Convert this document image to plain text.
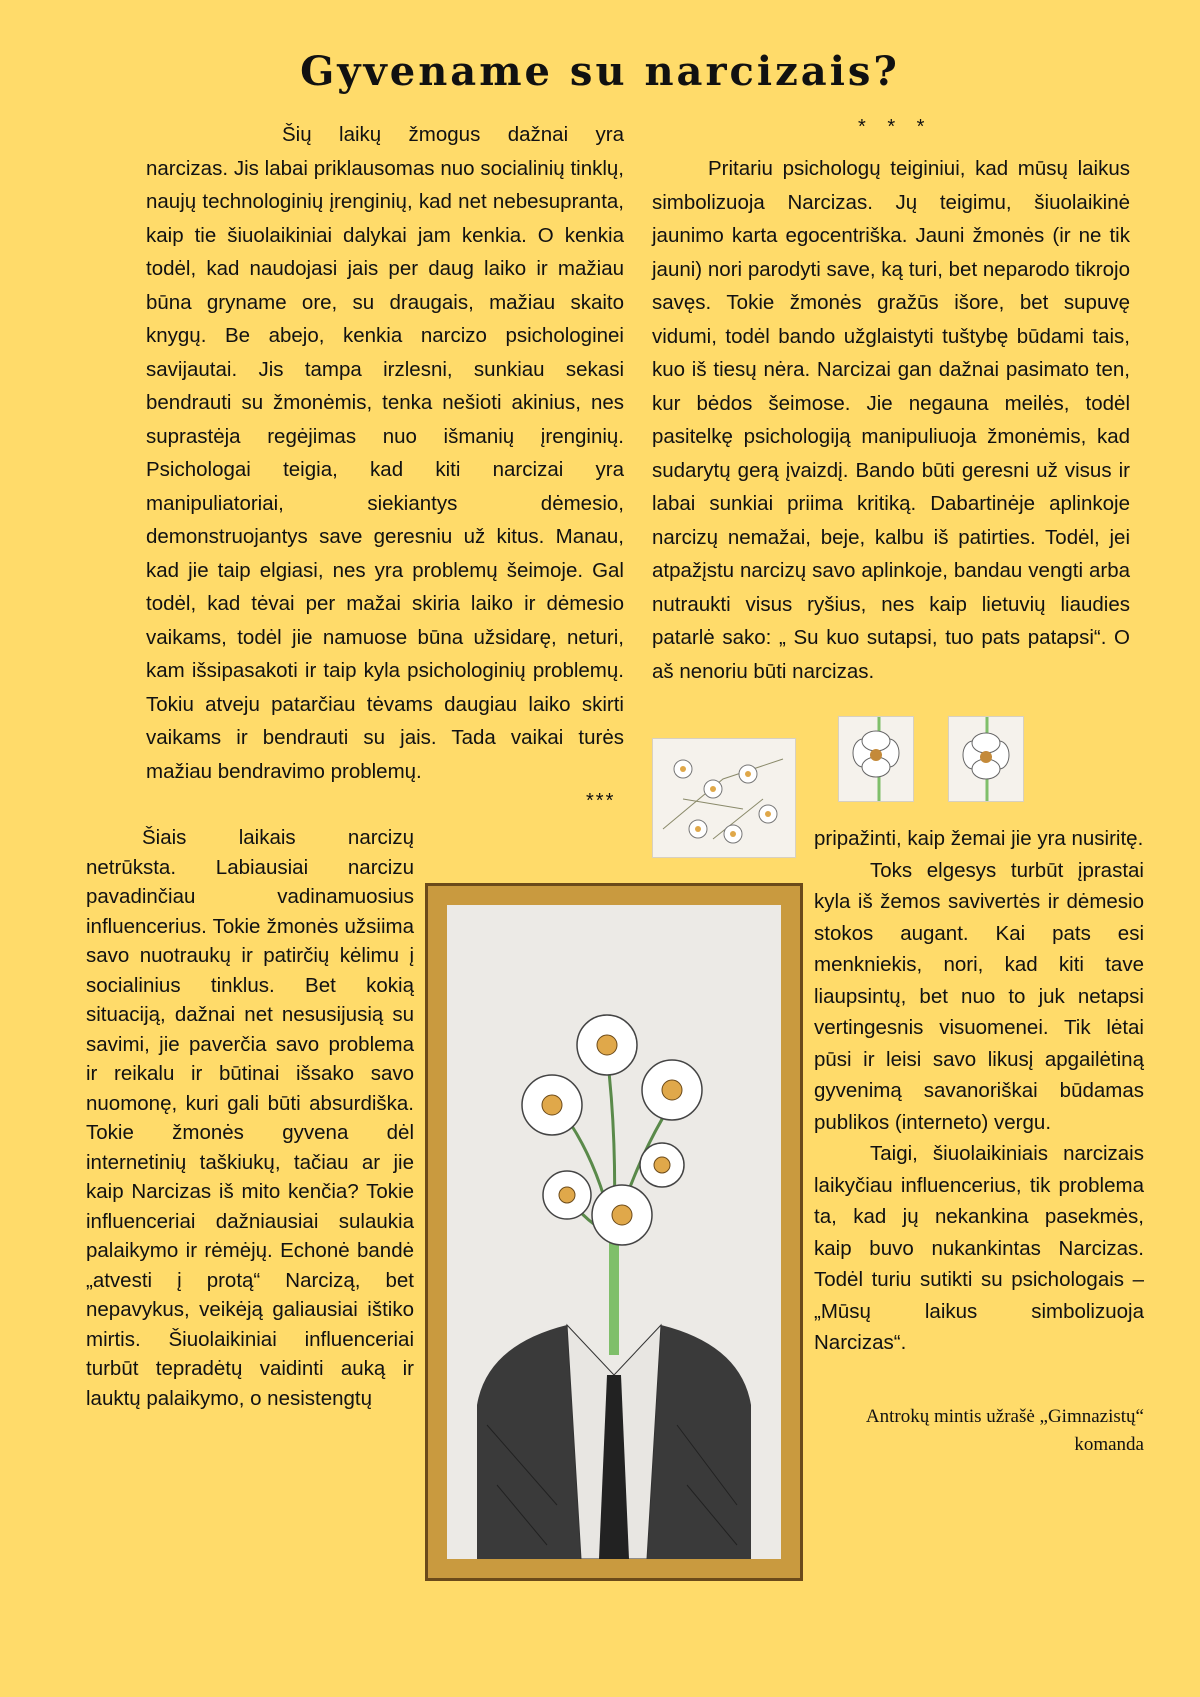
Gyvename su narcizais?

Šių laikų žmogus dažnai yra narcizas. Jis labai priklausomas nuo socialinių tinklų, naujų technologinių įrenginių, kad net nebesupranta, kaip tie šiuolaikiniai dalykai jam kenkia. O kenkia todėl, kad naudojasi jais per daug laiko ir mažiau būna gryname ore, su draugais, mažiau skaito knygų. Be abejo, kenkia narcizo psichologinei savijautai. Jis tampa irzlesni, sunkiau sekasi bendrauti su žmonėmis, tenka nešioti akinius, nes suprastėja regėjimas nuo išmanių įrenginių. Psichologai teigia, kad kiti narcizai yra manipuliatoriai, siekiantys dėmesio, demonstruojantys save geresniu už kitus. Manau, kad jie taip elgiasi, nes yra problemų šeimoje. Gal todėl, kad tėvai per mažai skiria laiko ir dėmesio vaikams, todėl jie namuose būna užsidarę, neturi, kam išsipasakoti ir taip kyla psichologinių problemų. Tokiu atveju patarčiau tėvams daugiau laiko skirti vaikams ir bendrauti su jais. Tada vaikai turės mažiau bendravimo problemų.

* * *

Pritariu psichologų teiginiui, kad mūsų laikus simbolizuoja Narcizas. Jų teigimu, šiuolaikinė jaunimo karta egocentriška. Jauni žmonės (ir ne tik jauni) nori parodyti save, ką turi, bet neparodo tikrojo savęs. Tokie žmonės gražūs išore, bet supuvę vidumi, todėl bando užglaistyti tuštybę būdami tais, kuo iš tiesų nėra. Narcizai gan dažnai pasimato ten, kur bėdos šeimose. Jie negauna meilės, todėl pasitelkę psichologiją manipuliuoja žmonėmis, kad sudarytų gerą įvaizdį. Bando būti geresni už visus ir labai sunkiai priima kritiką. Dabartinėje aplinkoje narcizų nemažai, beje, kalbu iš patirties. Todėl, jei atpažįstu narcizų savo aplinkoje, bandau vengti arba nutraukti visus ryšius, nes kaip lietuvių liaudies patarlė sako: „ Su kuo sutapsi, tuo pats patapsi“. O aš nenoriu būti narcizas.

***

Šiais laikais narcizų netrūksta. Labiausiai narcizu pavadinčiau vadinamuosius influencerius. Tokie žmonės užsiima savo nuotraukų ir patirčių kėlimu į socialinius tinklus. Bet kokią situaciją, dažnai net nesusijusią su savimi, jie paverčia savo problema ir reikalu ir būtinai išsako savo nuomonę, kuri gali būti absurdiška. Tokie žmonės gyvena dėl internetinių taškiukų, tačiau ar jie kaip Narcizas iš mito kenčia? Tokie influenceriai dažniausiai sulaukia palaikymo ir rėmėjų. Echonė bandė „atvesti į protą“ Narcizą, bet nepavykus, veikėją galiausiai ištiko mirtis. Šiuolaikiniai influenceriai turbūt tepradėtų vaidinti auką ir lauktų palaikymo, o nesistengtų

pripažinti, kaip žemai jie yra nusiritę.

Toks elgesys turbūt įprastai kyla iš žemos savivertės ir dėmesio stokos augant. Kai pats esi menkniekis, nori, kad kiti tave liaupsintų, bet nuo to juk netapsi vertingesnis visuomenei. Tik lėtai pūsi ir leisi savo likusį apgailėtiną gyvenimą savanoriškai būdamas publikos (interneto) vergu.

Taigi, šiuolaikiniais narcizais laikyčiau influencerius, tik problema ta, kad jų nekankina pasekmės, kaip buvo nukankintas Narcizas. Todėl turiu sutikti su psichologais – „Mūsų laikus simbolizuoja Narcizas“.

Antrokų mintis užrašė „Gimnazistų“ komanda
